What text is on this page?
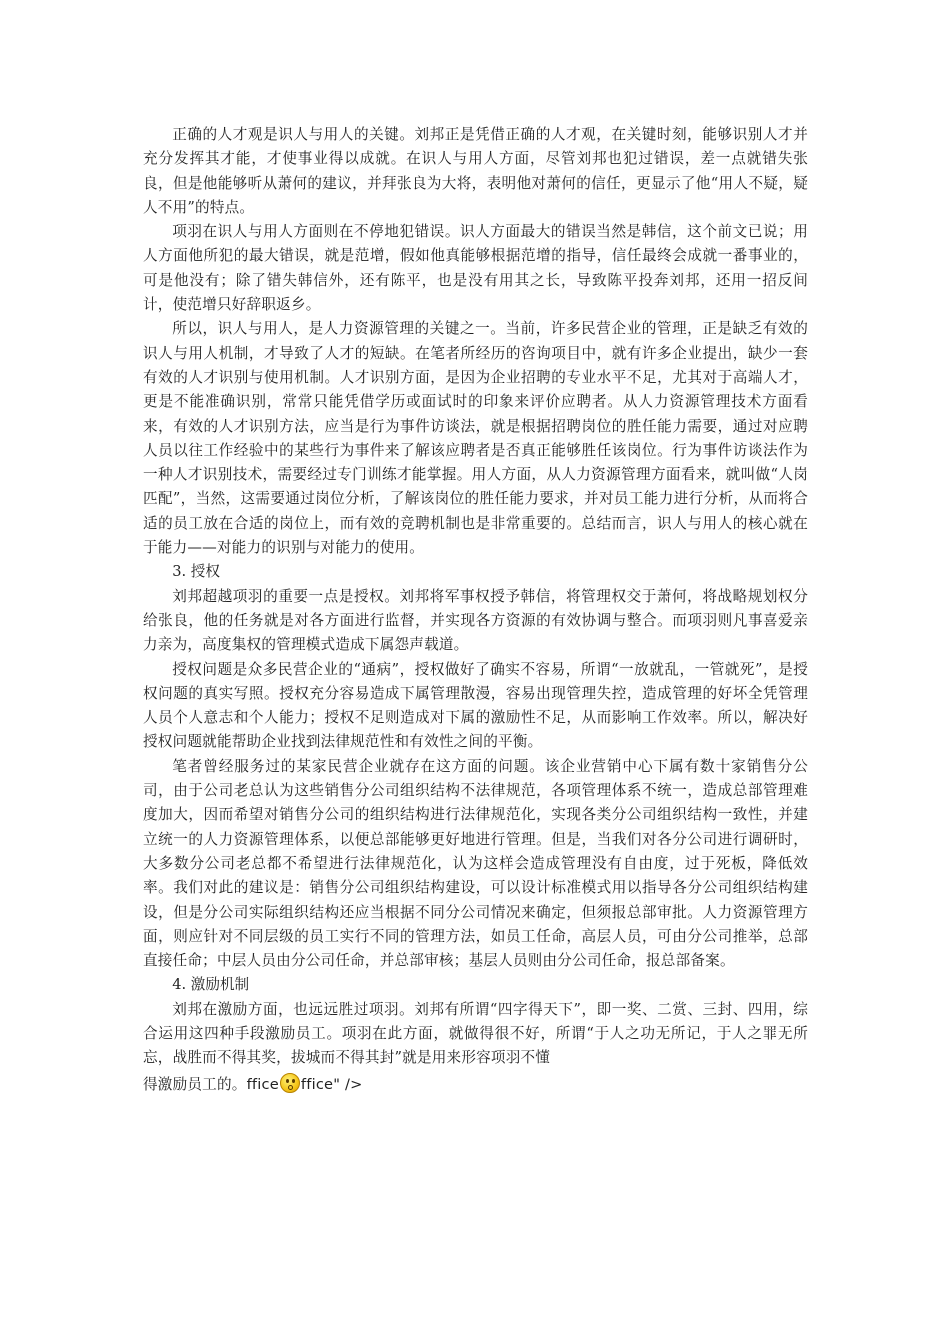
正确的人才观是识人与用人的关键。刘邦正是凭借正确的人才观，在关键时刻，能够识别人才并充分发挥其才能，才使事业得以成就。在识人与用人方面，尽管刘邦也犯过错误，差一点就错失张良，但是他能够听从萧何的建议，并拜张良为大将，表明他对萧何的信任，更显示了他“用人不疑，疑人不用”的特点。

项羽在识人与用人方面则在不停地犯错误。识人方面最大的错误当然是韩信，这个前文已说；用人方面他所犯的最大错误，就是范增，假如他真能够根据范增的指导，信任最终会成就一番事业的，可是他没有；除了错失韩信外，还有陈平，也是没有用其之长，导致陈平投奔刘邦，还用一招反间计，使范增只好辞职返乡。

所以，识人与用人，是人力资源管理的关键之一。当前，许多民营企业的管理，正是缺乏有效的识人与用人机制，才导致了人才的短缺。在笔者所经历的咨询项目中，就有许多企业提出，缺少一套有效的人才识别与使用机制。人才识别方面，是因为企业招聘的专业水平不足，尤其对于高端人才，更是不能准确识别，常常只能凭借学历或面试时的印象来评价应聘者。从人力资源管理技术方面看来，有效的人才识别方法，应当是行为事件访谈法，就是根据招聘岗位的胜任能力需要，通过对应聘人员以往工作经验中的某些行为事件来了解该应聘者是否真正能够胜任该岗位。行为事件访谈法作为一种人才识别技术，需要经过专门训练才能掌握。用人方面，从人力资源管理方面看来，就叫做“人岗匹配”，当然，这需要通过岗位分析，了解该岗位的胜任能力要求，并对员工能力进行分析，从而将合适的员工放在合适的岗位上，而有效的竞聘机制也是非常重要的。总结而言，识人与用人的核心就在于能力——对能力的识别与对能力的使用。

3. 授权

刘邦超越项羽的重要一点是授权。刘邦将军事权授予韩信，将管理权交于萧何，将战略规划权分给张良，他的任务就是对各方面进行监督，并实现各方资源的有效协调与整合。而项羽则凡事喜爱亲力亲为，高度集权的管理模式造成下属怨声载道。

授权问题是众多民营企业的“通病”，授权做好了确实不容易，所谓“一放就乱，一管就死”，是授权问题的真实写照。授权充分容易造成下属管理散漫，容易出现管理失控，造成管理的好坏全凭管理人员个人意志和个人能力；授权不足则造成对下属的激励性不足，从而影响工作效率。所以，解决好授权问题就能帮助企业找到法律规范性和有效性之间的平衡。

笔者曾经服务过的某家民营企业就存在这方面的问题。该企业营销中心下属有数十家销售分公司，由于公司老总认为这些销售分公司组织结构不法律规范，各项管理体系不统一，造成总部管理难度加大，因而希望对销售分公司的组织结构进行法律规范化，实现各类分公司组织结构一致性，并建立统一的人力资源管理体系，以便总部能够更好地进行管理。但是，当我们对各分公司进行调研时，大多数分公司老总都不希望进行法律规范化，认为这样会造成管理没有自由度，过于死板，降低效率。我们对此的建议是：销售分公司组织结构建设，可以设计标准模式用以指导各分公司组织结构建设，但是分公司实际组织结构还应当根据不同分公司情况来确定，但须报总部审批。人力资源管理方面，则应针对不同层级的员工实行不同的管理方法，如员工任命，高层人员，可由分公司推举，总部直接任命；中层人员由分公司任命，并总部审核；基层人员则由分公司任命，报总部备案。

4. 激励机制

刘邦在激励方面，也远远胜过项羽。刘邦有所谓“四字得天下”，即一奖、二赏、三封、四用，综合运用这四种手段激励员工。项羽在此方面，就做得很不好，所谓“于人之功无所记，于人之罪无所忘，战胜而不得其奖，拔城而不得其封”就是用来形容项羽不懂

得激励员工的。ffice ffice" />
